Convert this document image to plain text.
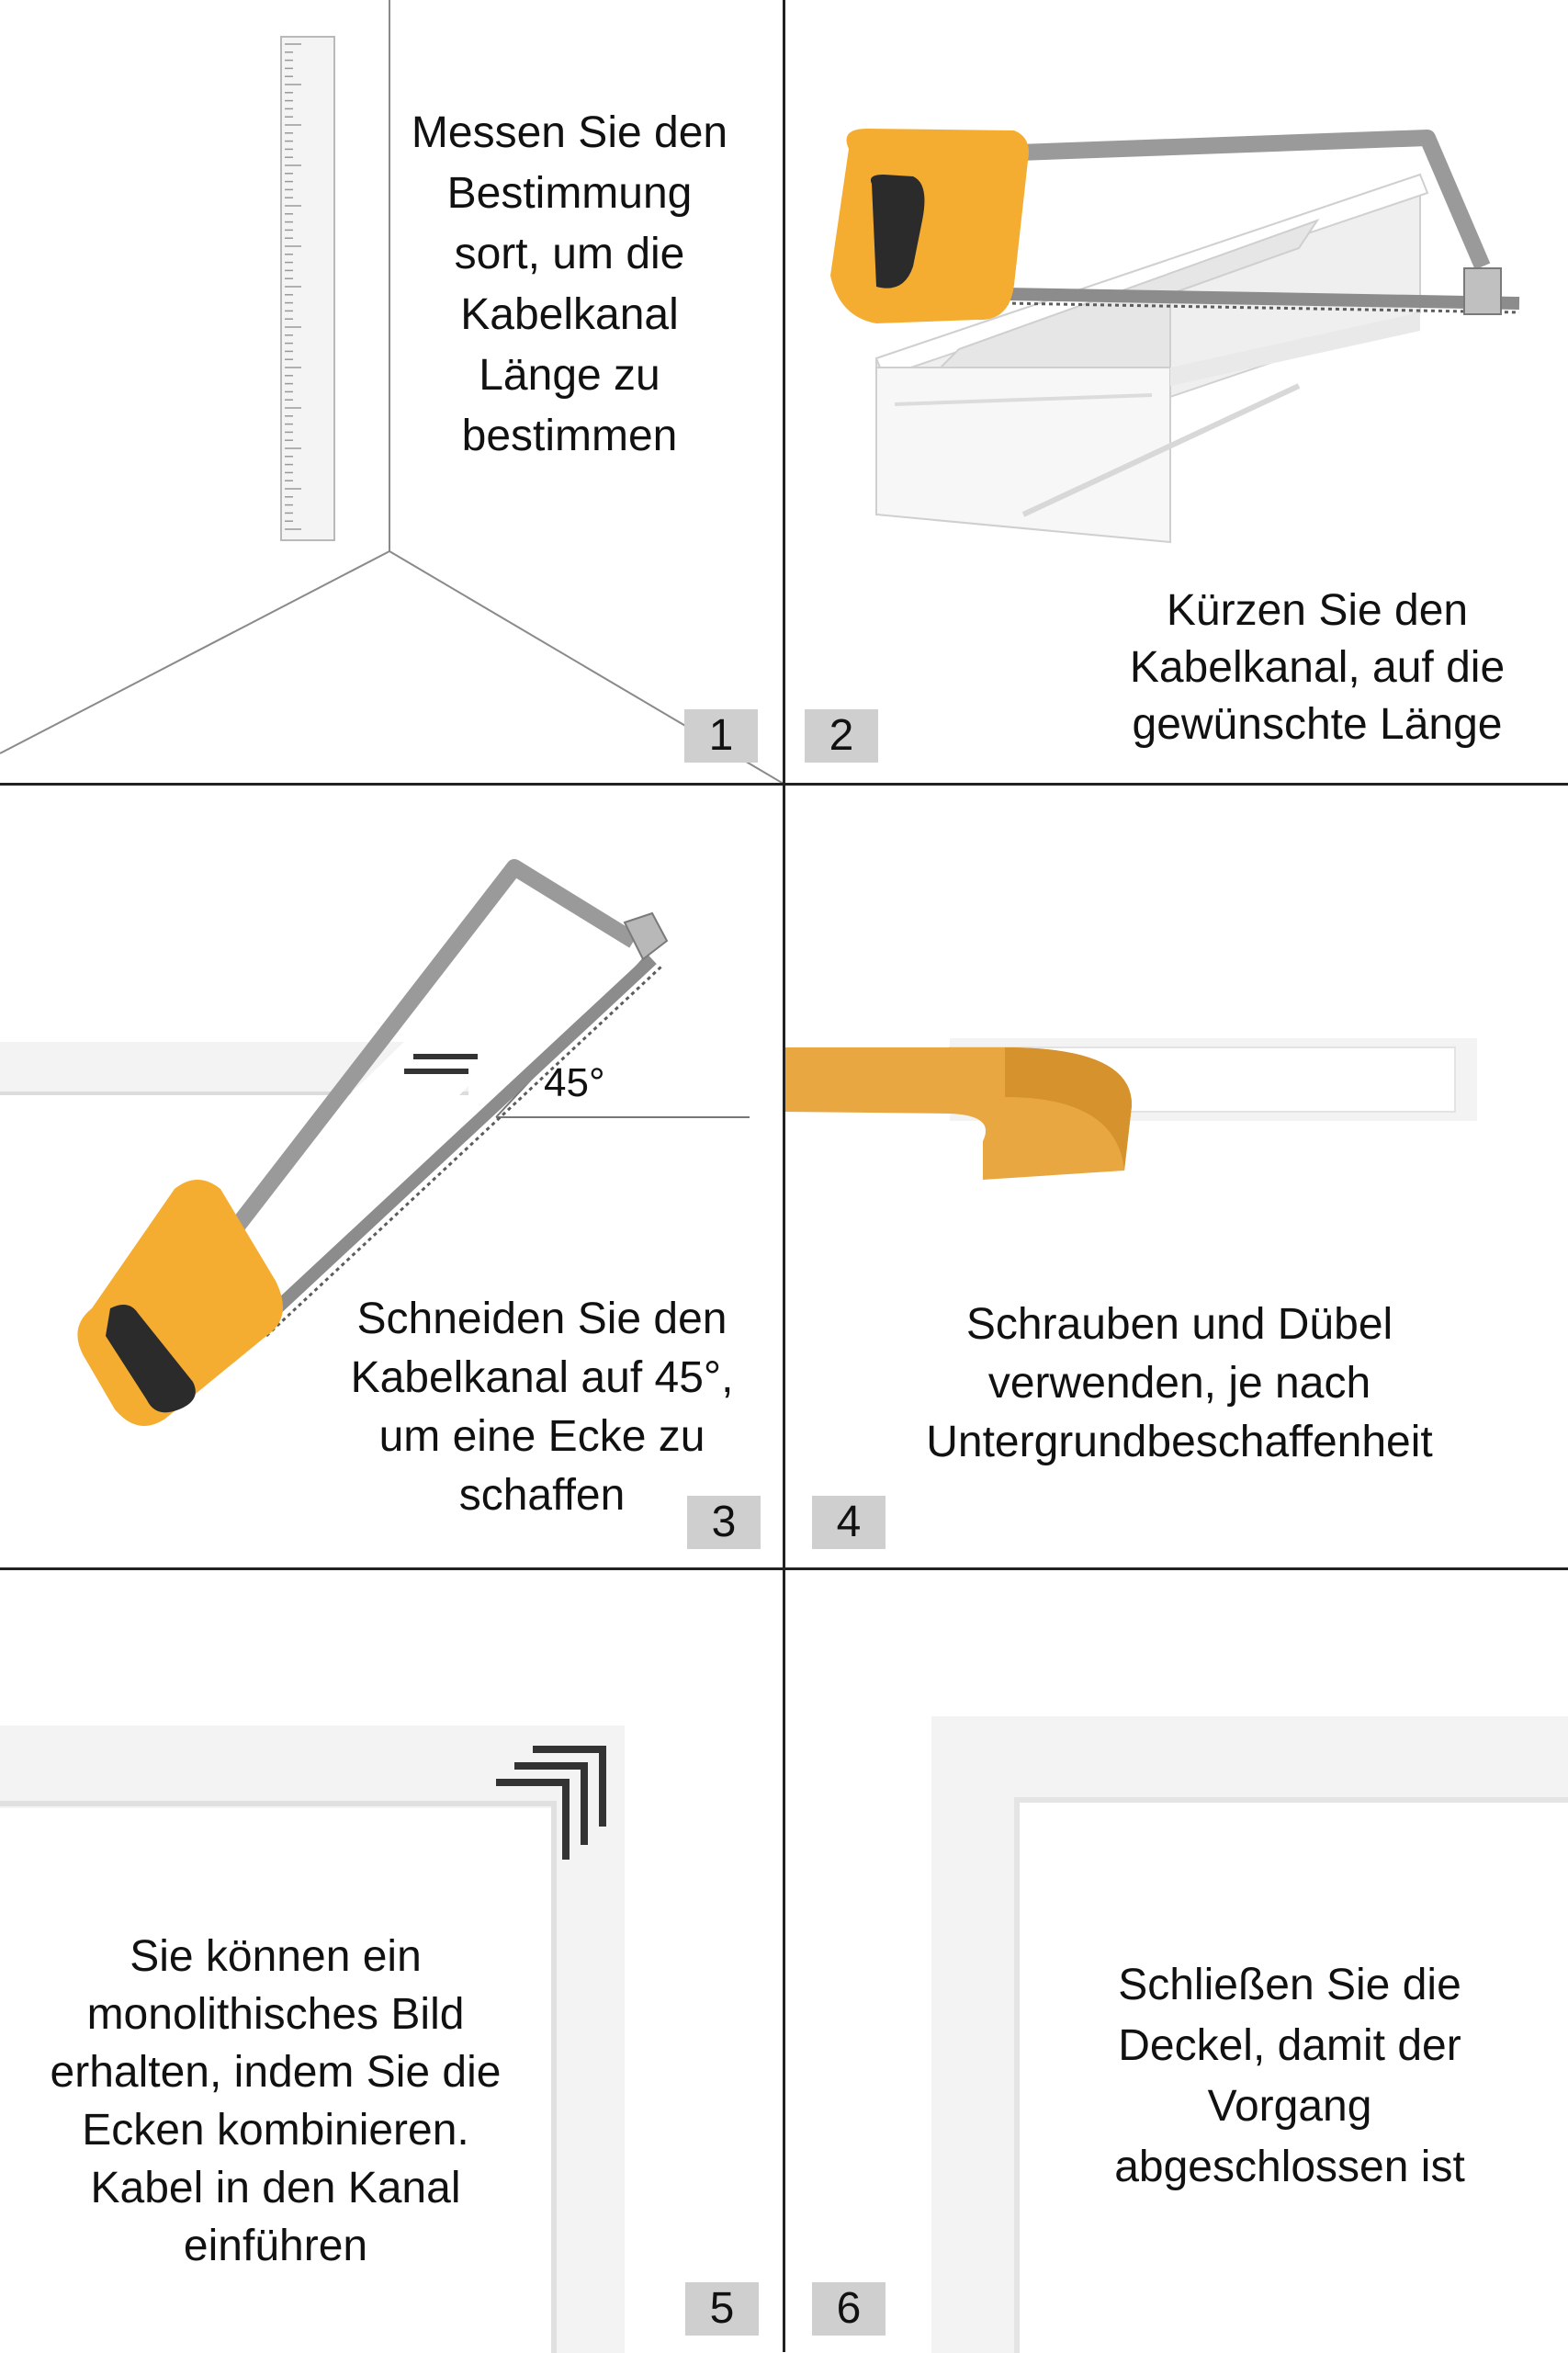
Messen Sie den Bestimmung sort, um die Kabelkanal Länge zu bestimmen
1
Kürzen Sie den Kabelkanal, auf die gewünschte Länge
2
45°
Schneiden Sie den Kabelkanal auf 45°, um eine Ecke zu schaffen
3
Schrauben und Dübel verwenden, je nach Untergrundbeschaffenheit
4
Sie können ein monolithisches Bild erhalten, indem Sie die Ecken kombinieren. Kabel in den Kanal einführen
5
Schließen Sie die Deckel, damit der Vorgang abgeschlossen ist
6
